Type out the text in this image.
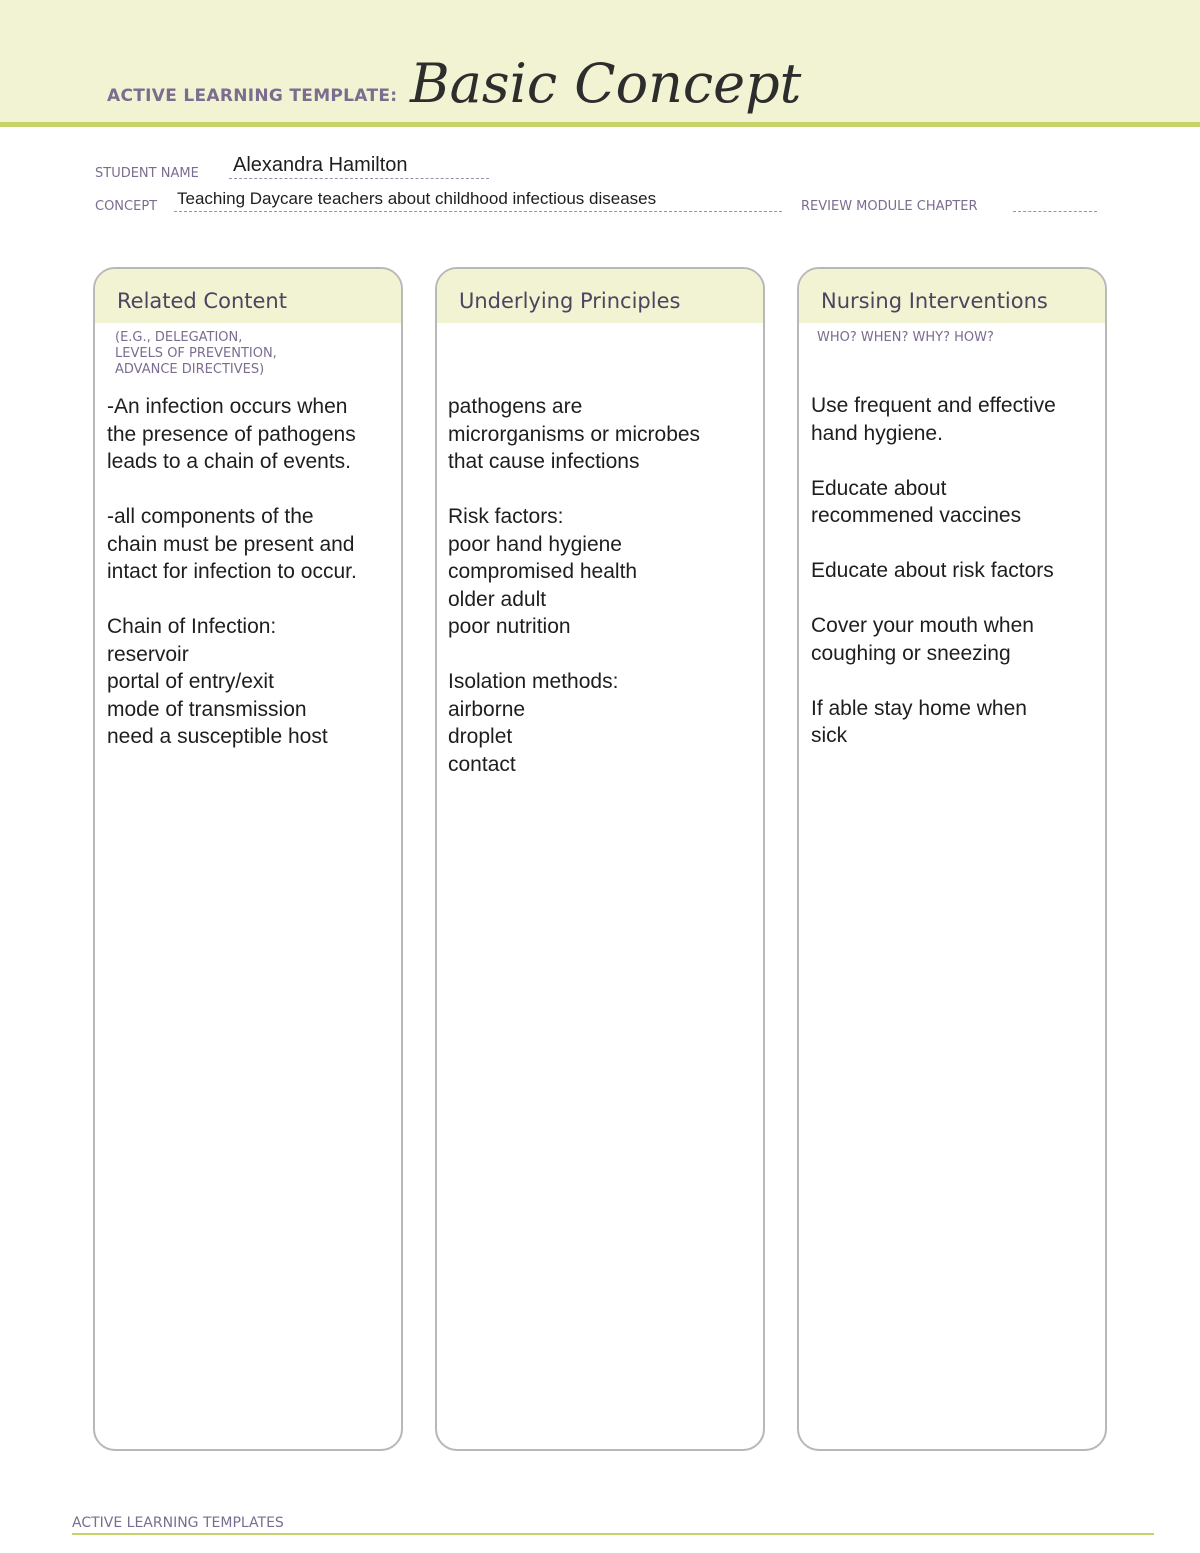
ACTIVE LEARNING TEMPLATE: Basic Concept
STUDENT NAME Alexandra Hamilton
CONCEPT Teaching Daycare teachers about childhood infectious diseases	REVIEW MODULE CHAPTER
Related Content
(E.G., DELEGATION,
LEVELS OF PREVENTION,
ADVANCE DIRECTIVES)
-An infection occurs when
the presence of pathogens
leads to a chain of events.
-all components of the
chain must be present and
intact for infection to occur.
Chain of Infection:
reservoir
portal of entry/exit
mode of transmission
need a susceptible host
Underlying Principles
pathogens are
microrganisms or microbes
that cause infections
Risk factors:
poor hand hygiene
compromised health
older adult
poor nutrition
Isolation methods:
airborne
droplet
contact
Nursing Interventions
WHO? WHEN? WHY? HOW?
Use frequent and effective
hand hygiene.
Educate about
recommened vaccines
Educate about risk factors
Cover your mouth when
coughing or sneezing
If able stay home when
sick
ACTIVE LEARNING TEMPLATES
